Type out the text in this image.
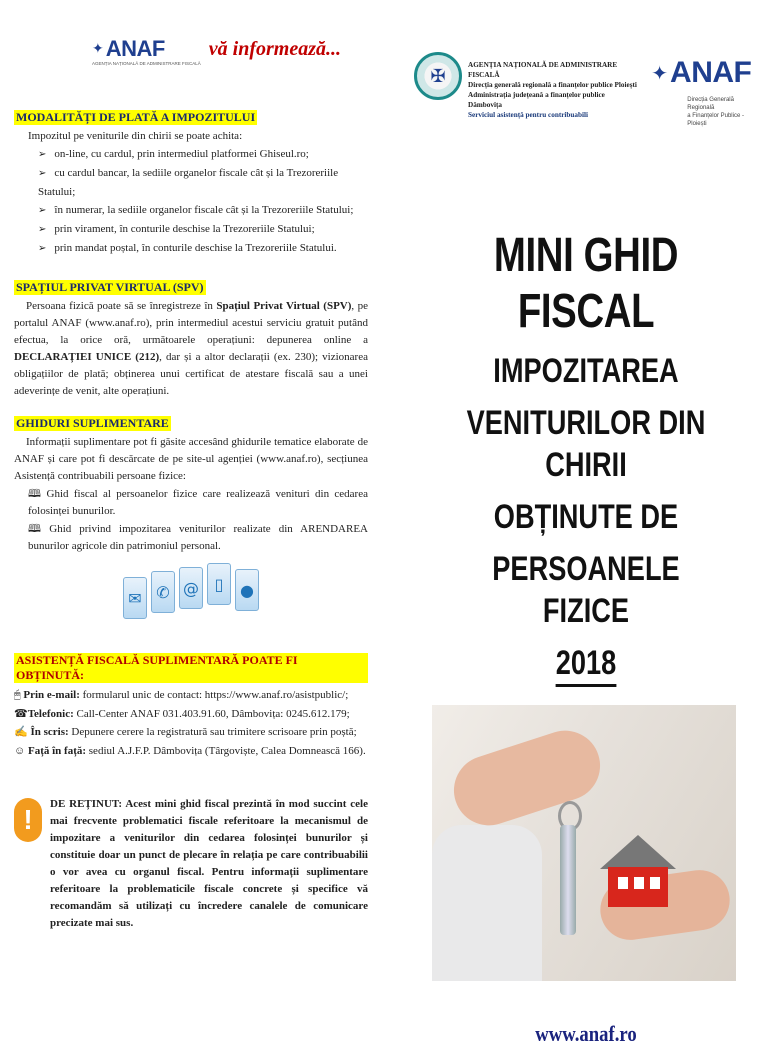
✦ ANAF
AGENȚIA NAȚIONALĂ DE ADMINISTRARE FISCALĂ
vă informează...
MODALITĂȚI DE PLATĂ A IMPOZITULUI

Impozitul pe veniturile din chirii se poate achita:

➢ on-line, cu cardul, prin intermediul platformei Ghiseul.ro;
➢ cu cardul bancar, la sediile organelor fiscale cât și la Trezoreriile Statului;
➢ în numerar, la sediile organelor fiscale cât și la Trezoreriile Statului;
➢ prin virament, în conturile deschise la Trezoreriile Statului;
➢ prin mandat poștal, în conturile deschise la Trezoreriile Statului.
SPAȚIUL PRIVAT VIRTUAL (SPV)

Persoana fizică poate să se înregistreze în Spațiul Privat Virtual (SPV), pe portalul ANAF (www.anaf.ro), prin intermediul acestui serviciu gratuit putând efectua, la orice oră, următoarele operațiuni: depunerea online a DECLARAȚIEI UNICE (212), dar și a altor declarații (ex. 230); vizionarea obligațiilor de plată; obținerea unui certificat de atestare fiscală sau a unei adeverințe de venit, alte operațiuni.

GHIDURI SUPLIMENTARE

Informații suplimentare pot fi găsite accesând ghidurile tematice elaborate de ANAF și care pot fi descărcate de pe site-ul agenției (www.anaf.ro), secțiunea Asistență contribuabili persoane fizice:

🕮 Ghid fiscal al persoanelor fizice care realizează venituri din cedarea folosinței bunurilor.
🕮 Ghid privind impozitarea veniturilor realizate din ARENDAREA bunurilor agricole din patrimoniul personal.
✉ ✆ @ ▯	●
ASISTENȚĂ FISCALĂ SUPLIMENTARĂ POATE FI OBȚINUTĂ:
🖱 Prin e-mail: formularul unic de contact: https://www.anaf.ro/asistpublic/;
☎Telefonic: Call-Center ANAF 031.403.91.60, Dâmbovița: 0245.612.179;
✍ În scris: Depunere cerere la registratură sau trimitere scrisoare prin poștă;
☺ Față în față: sediul A.J.F.P. Dâmbovița (Târgoviște, Calea Domnească 166).
!	DE REȚINUT: Acest mini ghid fiscal prezintă în mod succint cele mai frecvente problematici fiscale referitoare la mecanismul de impozitare a veniturilor din cedarea folosinței bunurilor și constituie doar un punct de plecare în relația pe care contribuabilii o vor avea cu organul fiscal. Pentru informații suplimentare referitoare la problematicile fiscale concrete și specifice vă recomandăm să utilizați cu încredere canalele de comunicare precizate mai sus.
✠
AGENȚIA NAȚIONALĂ DE ADMINISTRARE FISCALĂ
Direcția generală regională a finanțelor publice Ploiești
Administrația județeană a finanțelor publice Dâmbovița
Serviciul asistență pentru contribuabili
✦ ANAF
Direcția Generală Regională
a Finanțelor Publice - Ploiești
MINI GHID FISCAL
IMPOZITAREA
VENITURILOR DIN CHIRII
OBȚINUTE DE
PERSOANELE FIZICE
2018
www.anaf.ro
